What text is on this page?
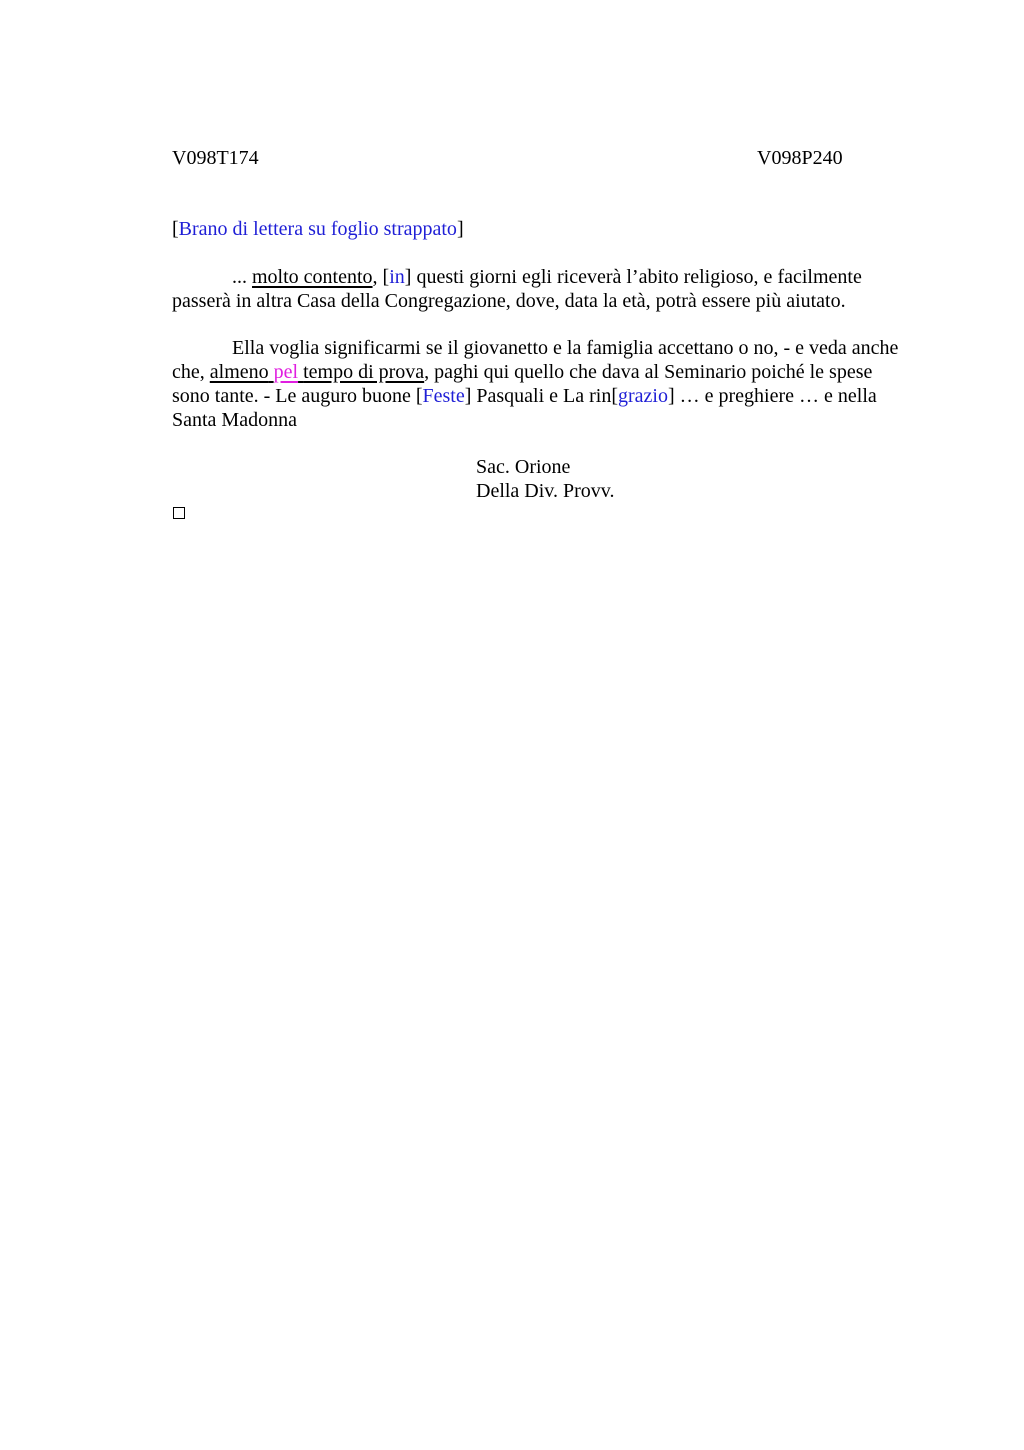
V098T174	V098P240
[Brano di lettera su foglio strappato]
... molto contento, [in] questi giorni egli riceverà l’abito religioso, e facilmente
passerà in altra Casa della Congregazione, dove, data la età, potrà essere più aiutato.
Ella voglia significarmi se il giovanetto e la famiglia accettano o no, - e veda anche
che, almeno pel tempo di prova, paghi qui quello che dava al Seminario poiché le spese
sono tante. - Le auguro buone [Feste] Pasquali e La rin[grazio] … e preghiere … e nella
Santa Madonna
Sac. Orione
Della Div. Provv.
